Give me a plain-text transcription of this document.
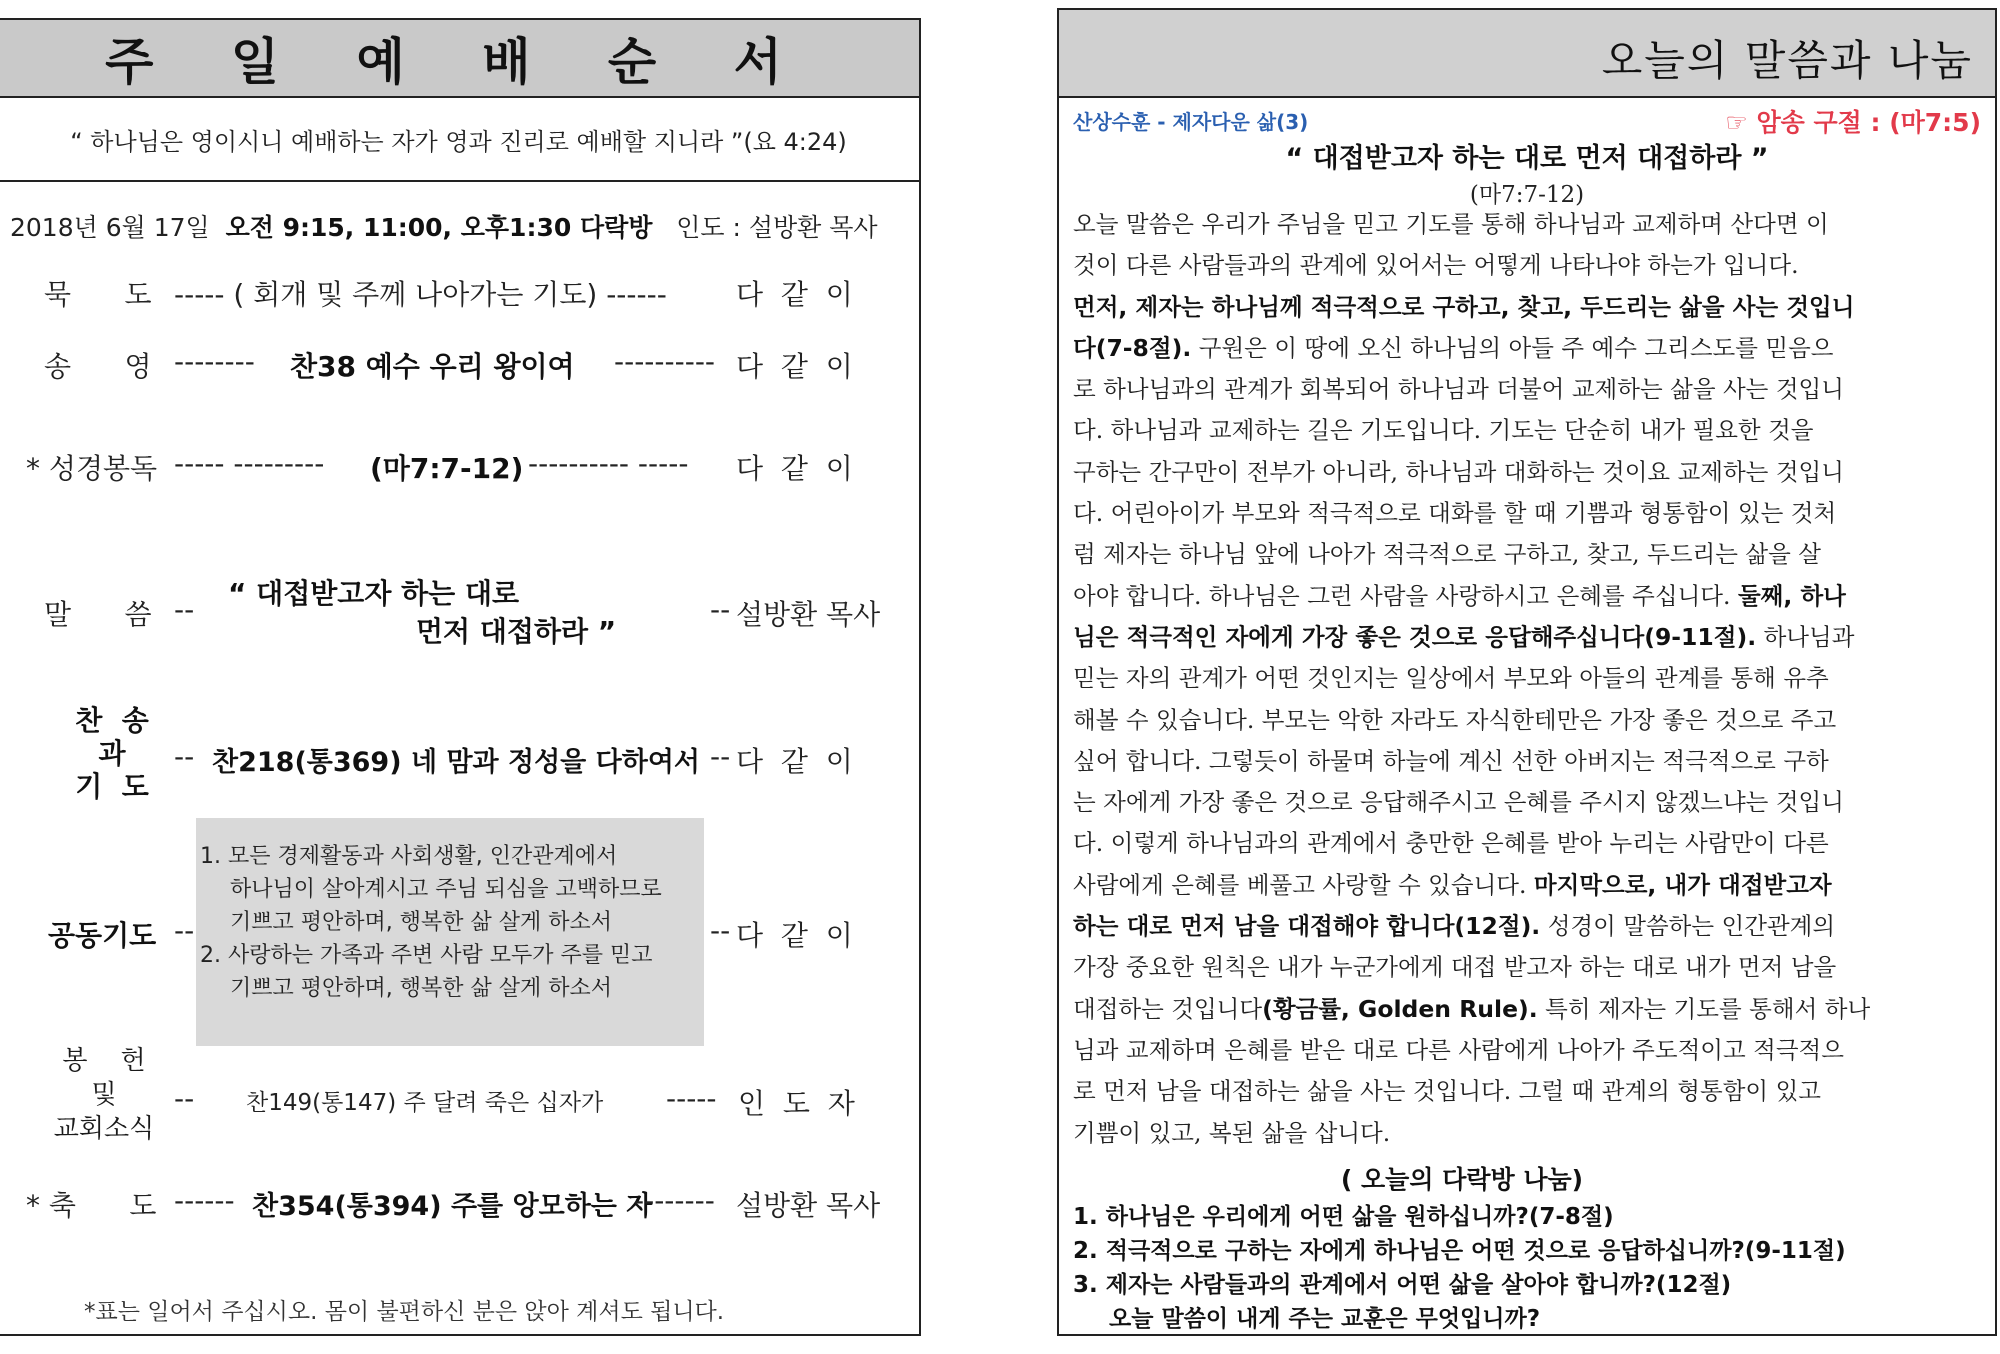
주 일 예 배 순 서
“ 하나님은 영이시니 예배하는 자가 영과 진리로 예배할 지니라 ”(요 4:24)
2018년 6월 17일 오전 9:15, 11:00, 오후1:30 다락방 인도 : 설방환 목사
묵      도 ----- ( 회개 및 주께 나아가는 기도) ------ 다  같  이
송      영 -------- 찬38 예수 우리 왕이여 ---------- 다  같  이
* 성경봉독 ----- --------- (마7:7-12) ---------- ----- 다  같  이
말      씀 -- “ 대접받고자 하는 대로
먼저 대접하라 ”
-- 설방환 목사
찬  송
과
기  도
-- 찬218(통369) 네 맘과 정성을 다하여서 -- 다  같  이
공동기도 --
1. 모든 경제활동과 사회생활, 인간관계에서
하나님이 살아계시고 주님 되심을 고백하므로
기쁘고 평안하며, 행복한 삶 살게 하소서
2. 사랑하는 가족과 주변 사람 모두가 주를 믿고
기쁘고 평안하며, 행복한 삶 살게 하소서
-- 다  같  이
봉    헌
및
교회소식
-- 찬149(통147) 주 달려 죽은 십자가 ----- 인  도  자
* 축      도 ------ 찬354(통394) 주를 앙모하는 자
-------- 설방환 목사
*표는 일어서 주십시오. 몸이 불편하신 분은 앉아 계셔도 됩니다.
오늘의 말씀과 나눔
산상수훈 - 제자다운 삶(3)	☞ 암송 구절 : (마7:5)
“ 대접받고자 하는 대로 먼저 대접하라 ”
(마7:7-12)
오늘 말씀은 우리가 주님을 믿고 기도를 통해 하나님과 교제하며 산다면 이
것이 다른 사람들과의 관계에 있어서는 어떻게 나타나야 하는가 입니다.
먼저, 제자는 하나님께 적극적으로 구하고, 찾고, 두드리는 삶을 사는 것입니
다(7-8절). 구원은 이 땅에 오신 하나님의 아들 주 예수 그리스도를 믿음으
로 하나님과의 관계가 회복되어 하나님과 더불어 교제하는 삶을 사는 것입니
다. 하나님과 교제하는 길은 기도입니다. 기도는 단순히 내가 필요한 것을
구하는 간구만이 전부가 아니라, 하나님과 대화하는 것이요 교제하는 것입니
다. 어린아이가 부모와 적극적으로 대화를 할 때 기쁨과 형통함이 있는 것처
럼 제자는 하나님 앞에 나아가 적극적으로 구하고, 찾고, 두드리는 삶을 살
아야 합니다. 하나님은 그런 사람을 사랑하시고 은혜를 주십니다. 둘째, 하나
님은 적극적인 자에게 가장 좋은 것으로 응답해주십니다(9-11절). 하나님과
믿는 자의 관계가 어떤 것인지는 일상에서 부모와 아들의 관계를 통해 유추
해볼 수 있습니다. 부모는 악한 자라도 자식한테만은 가장 좋은 것으로 주고
싶어 합니다. 그렇듯이 하물며 하늘에 계신 선한 아버지는 적극적으로 구하
는 자에게 가장 좋은 것으로 응답해주시고 은혜를 주시지 않겠느냐는 것입니
다. 이렇게 하나님과의 관계에서 충만한 은혜를 받아 누리는 사람만이 다른
사람에게 은혜를 베풀고 사랑할 수 있습니다. 마지막으로, 내가 대접받고자
하는 대로 먼저 남을 대접해야 합니다(12절). 성경이 말씀하는 인간관계의
가장 중요한 원칙은 내가 누군가에게 대접 받고자 하는 대로 내가 먼저 남을
대접하는 것입니다(황금률, Golden Rule). 특히 제자는 기도를 통해서 하나
님과 교제하며 은혜를 받은 대로 다른 사람에게 나아가 주도적이고 적극적으
로 먼저 남을 대접하는 삶을 사는 것입니다. 그럴 때 관계의 형통함이 있고
기쁨이 있고, 복된 삶을 삽니다.
( 오늘의 다락방 나눔)
1. 하나님은 우리에게 어떤 삶을 원하십니까?(7-8절)
2. 적극적으로 구하는 자에게 하나님은 어떤 것으로 응답하십니까?(9-11절)
3. 제자는 사람들과의 관계에서 어떤 삶을 살아야 합니까?(12절)
오늘 말씀이 내게 주는 교훈은 무엇입니까?
